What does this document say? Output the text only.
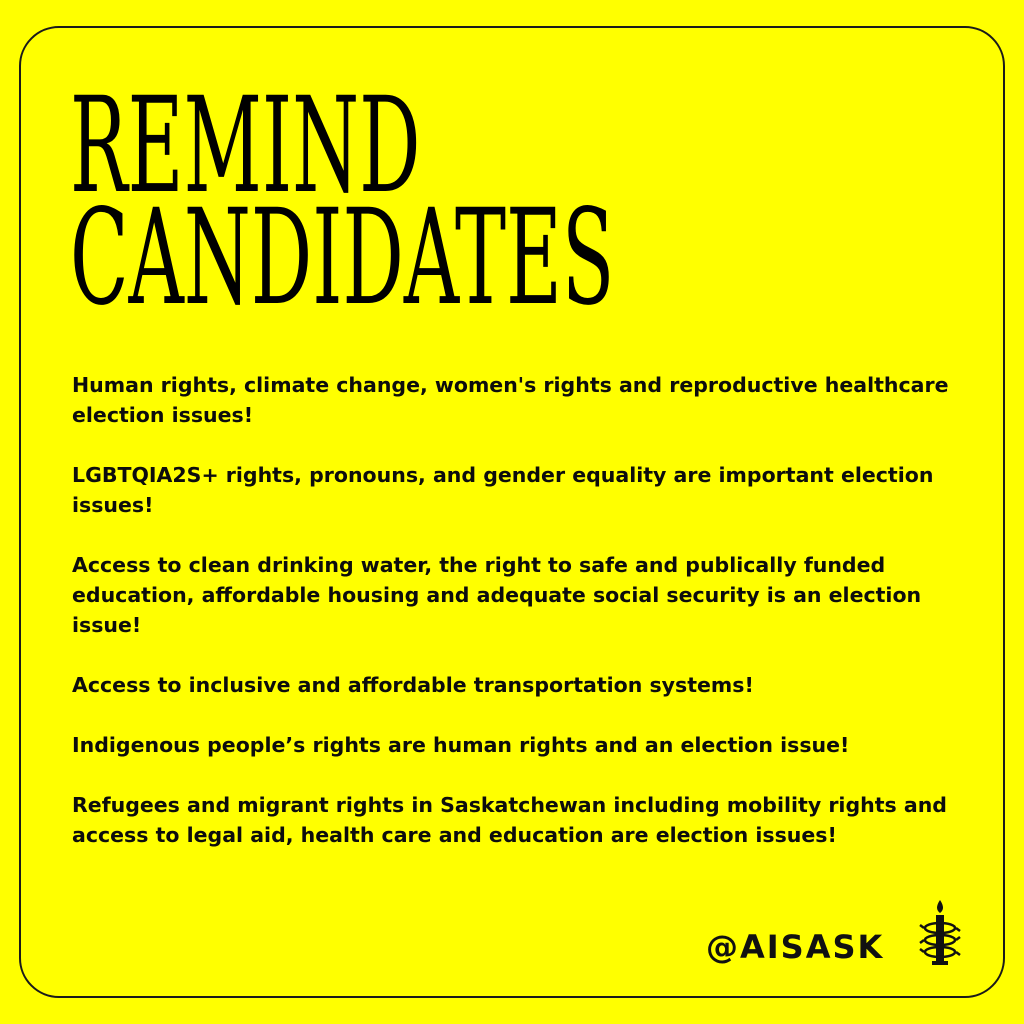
REMIND
CANDIDATES

Human rights, climate change, women's rights and reproductive healthcare election issues!

LGBTQIA2S+ rights, pronouns, and gender equality are important election issues!

Access to clean drinking water, the right to safe and publically funded education, affordable housing and adequate social security is an election issue!

Access to inclusive and affordable transportation systems!

Indigenous people’s rights are human rights and an election issue!

Refugees and migrant rights in Saskatchewan including mobility rights and access to legal aid, health care and education are election issues!

@AISASK
